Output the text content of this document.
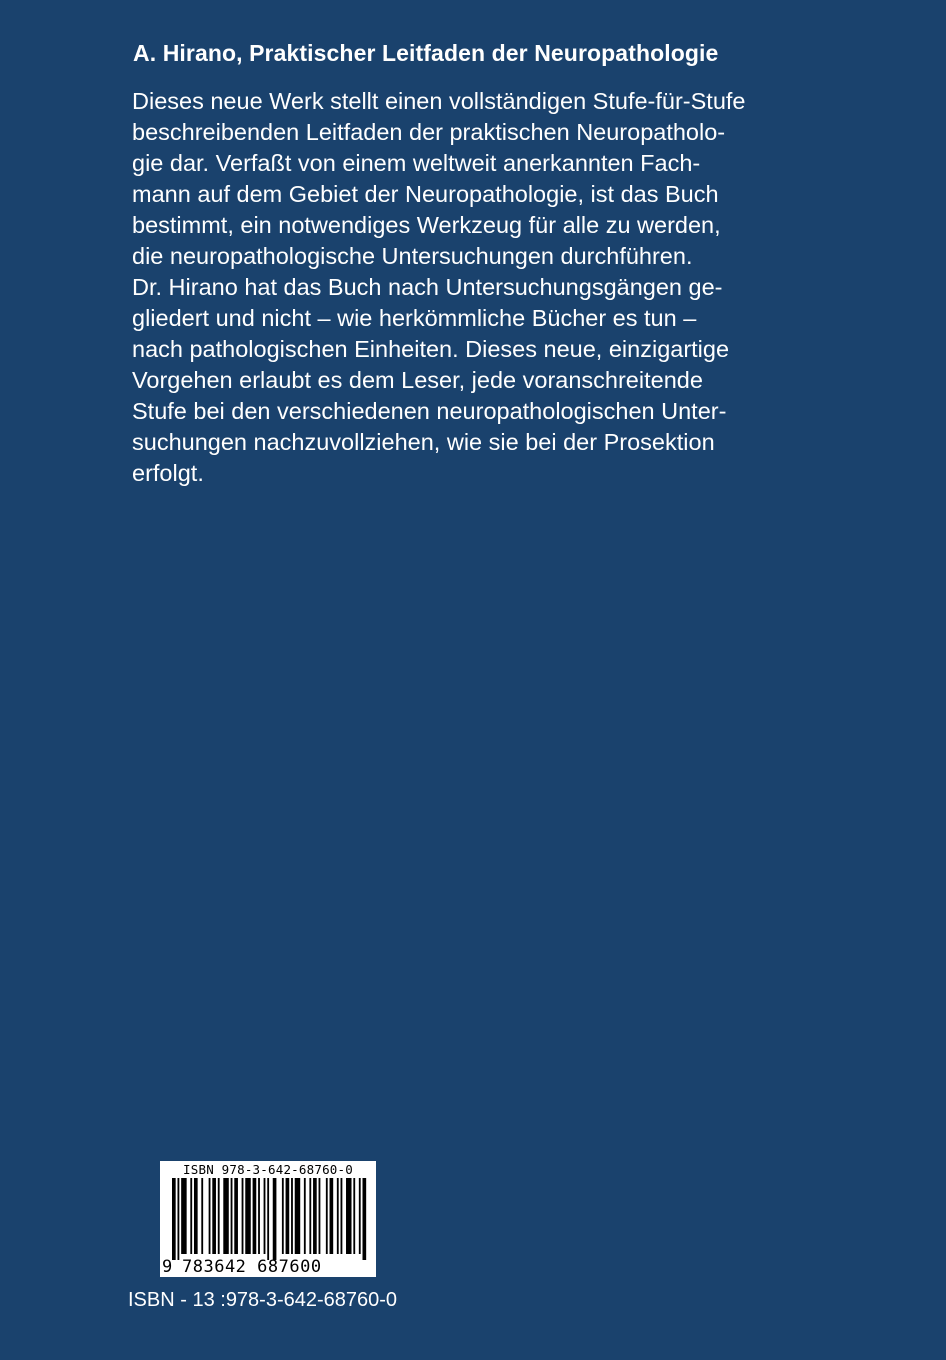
A. Hirano, Praktischer Leitfaden der Neuropathologie
Dieses neue Werk stellt einen vollständigen Stufe-für-Stufe
beschreibenden Leitfaden der praktischen Neuropatholo-
gie dar. Verfaßt von einem weltweit anerkannten Fach-
mann auf dem Gebiet der Neuropathologie, ist das Buch
bestimmt, ein notwendiges Werkzeug für alle zu werden,
die neuropathologische Untersuchungen durchführen.
Dr. Hirano hat das Buch nach Untersuchungsgängen ge-
gliedert und nicht – wie herkömmliche Bücher es tun –
nach pathologischen Einheiten. Dieses neue, einzigartige
Vorgehen erlaubt es dem Leser, jede voranschreitende
Stufe bei den verschiedenen neuropathologischen Unter-
suchungen nachzuvollziehen, wie sie bei der Prosektion
erfolgt.
ISBN 978-3-642-68760-0
9 783642 687600
ISBN - 13 :978-3-642-68760-0
